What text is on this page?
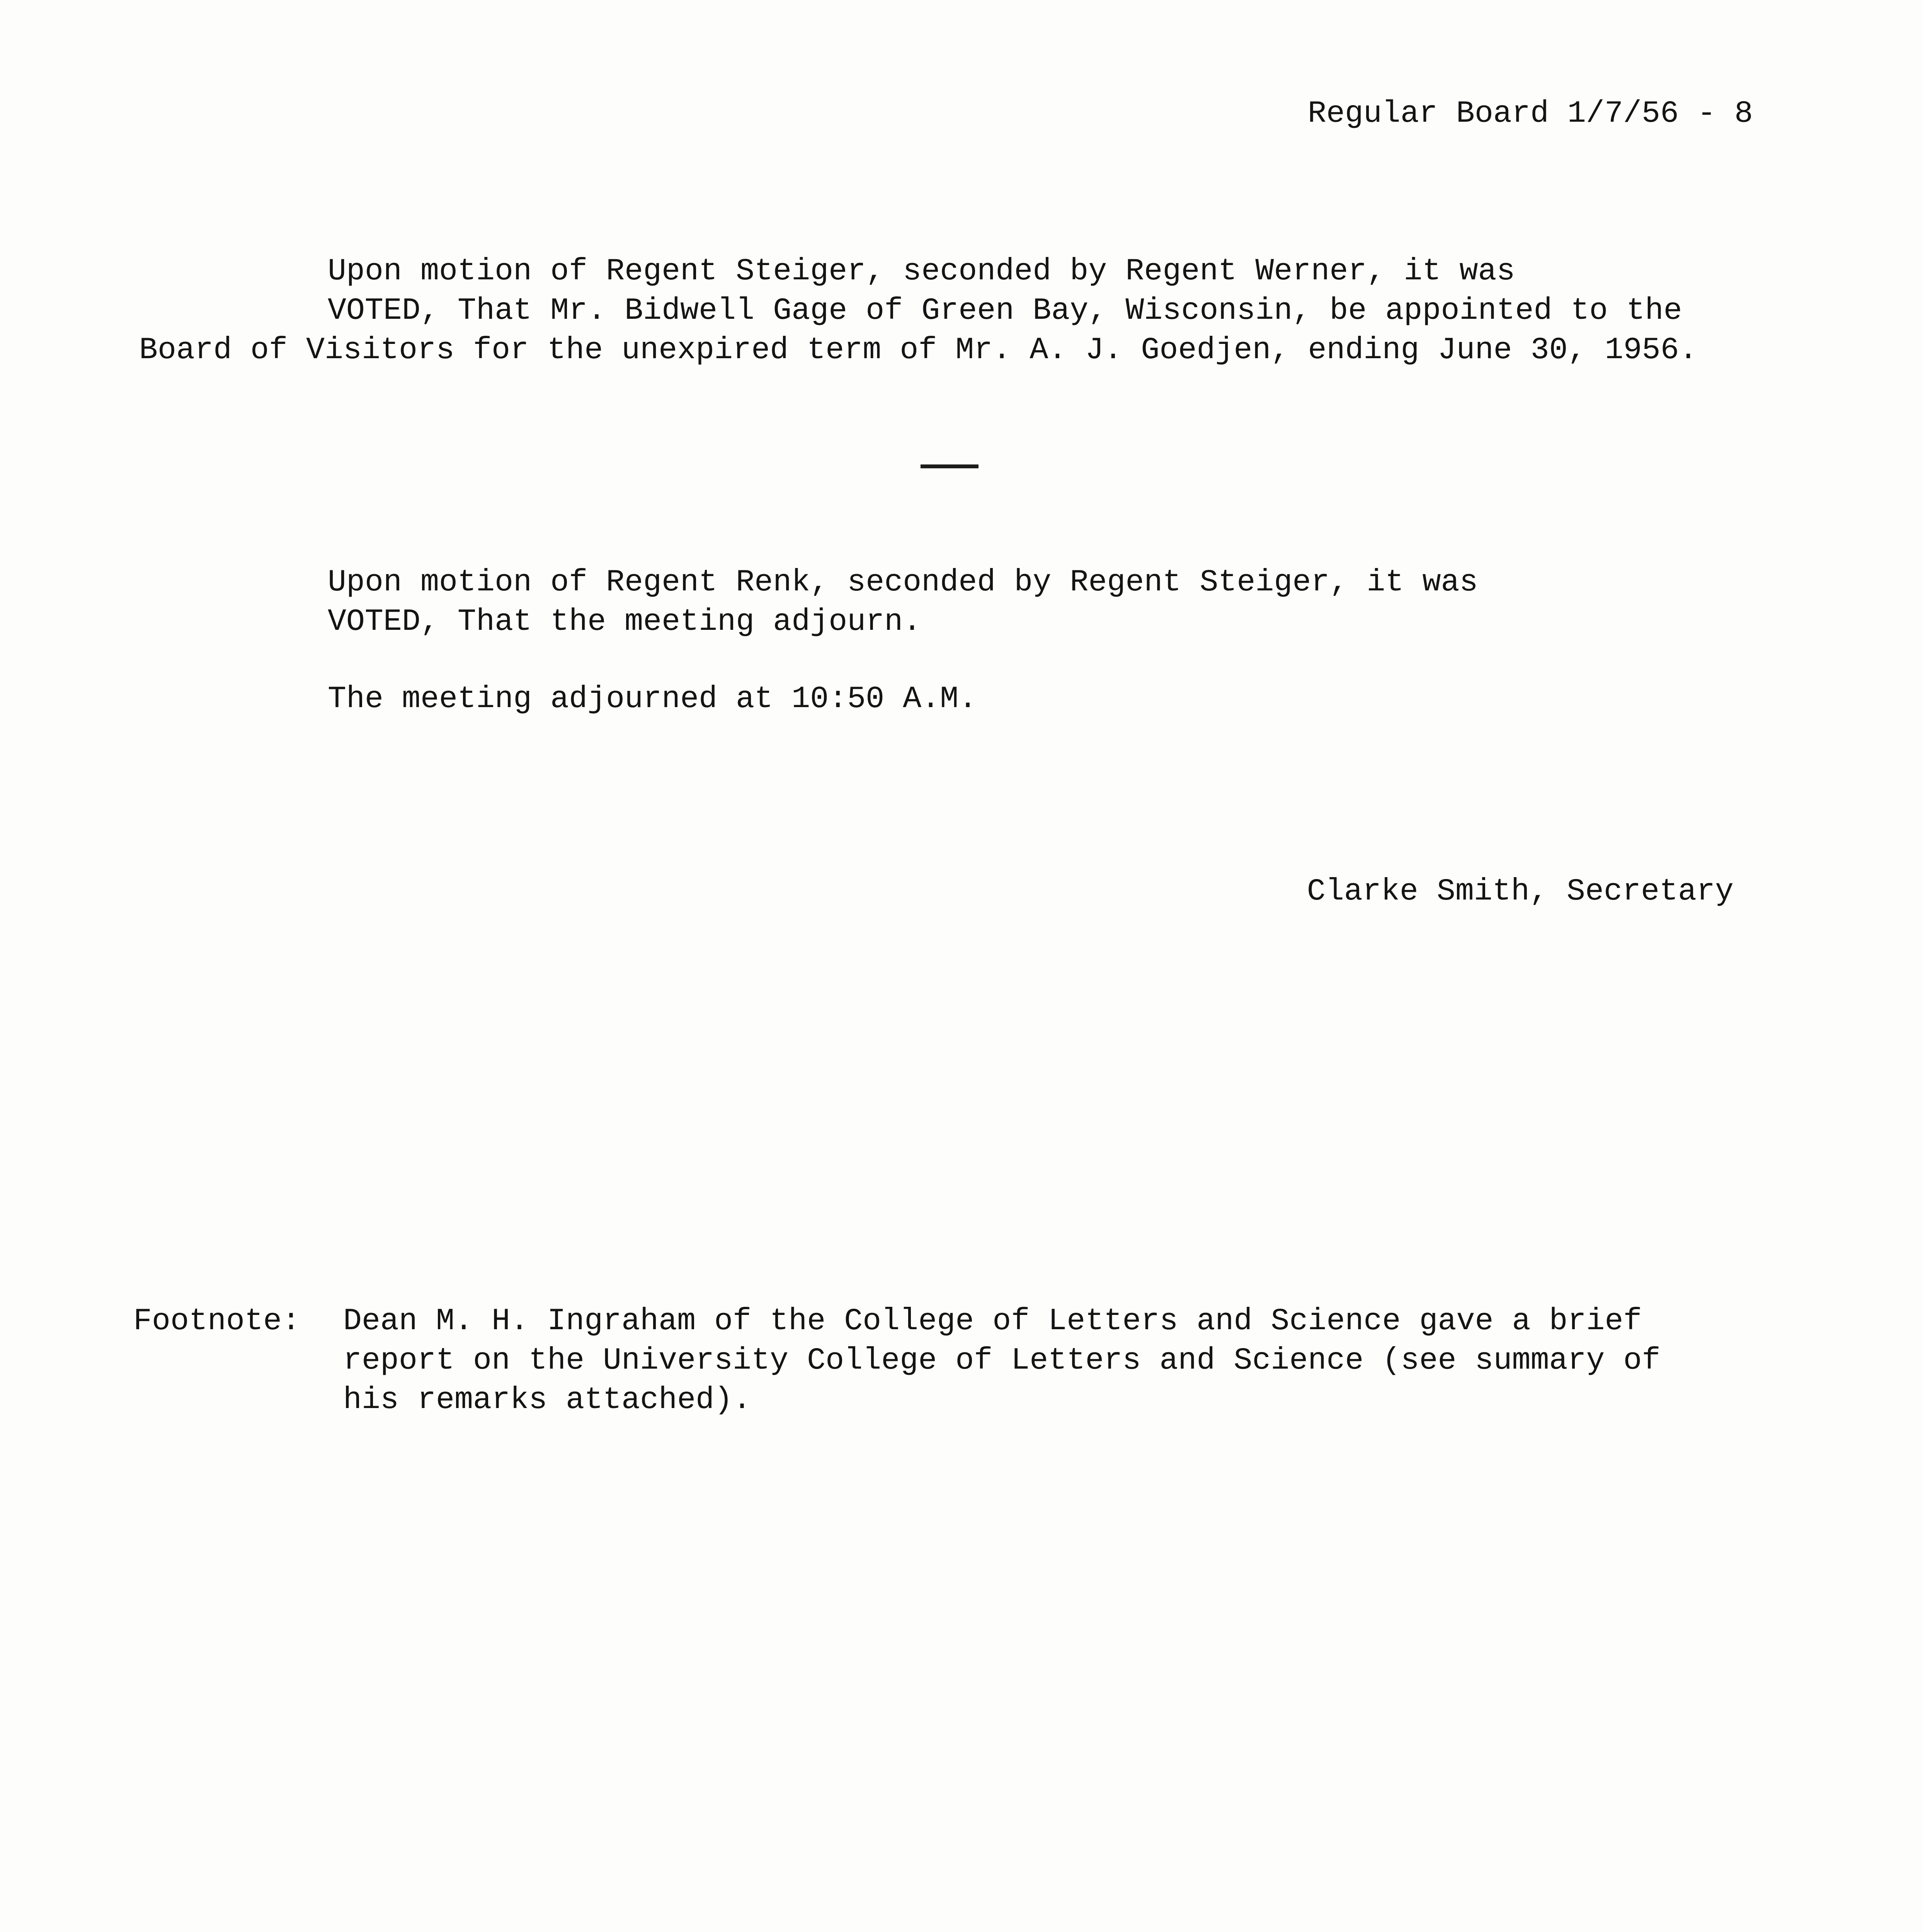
Regular Board 1/7/56 - 8
Upon motion of Regent Steiger, seconded by Regent Werner, it was
VOTED, That Mr. Bidwell Gage of Green Bay, Wisconsin, be appointed to the
Board of Visitors for the unexpired term of Mr. A. J. Goedjen, ending June 30, 1956.
Upon motion of Regent Renk, seconded by Regent Steiger, it was
VOTED, That the meeting adjourn.
The meeting adjourned at 10:50 A.M.
Clarke Smith, Secretary
Footnote: Dean M. H. Ingraham of the College of Letters and Science gave a brief
report on the University College of Letters and Science (see summary of
his remarks attached).
